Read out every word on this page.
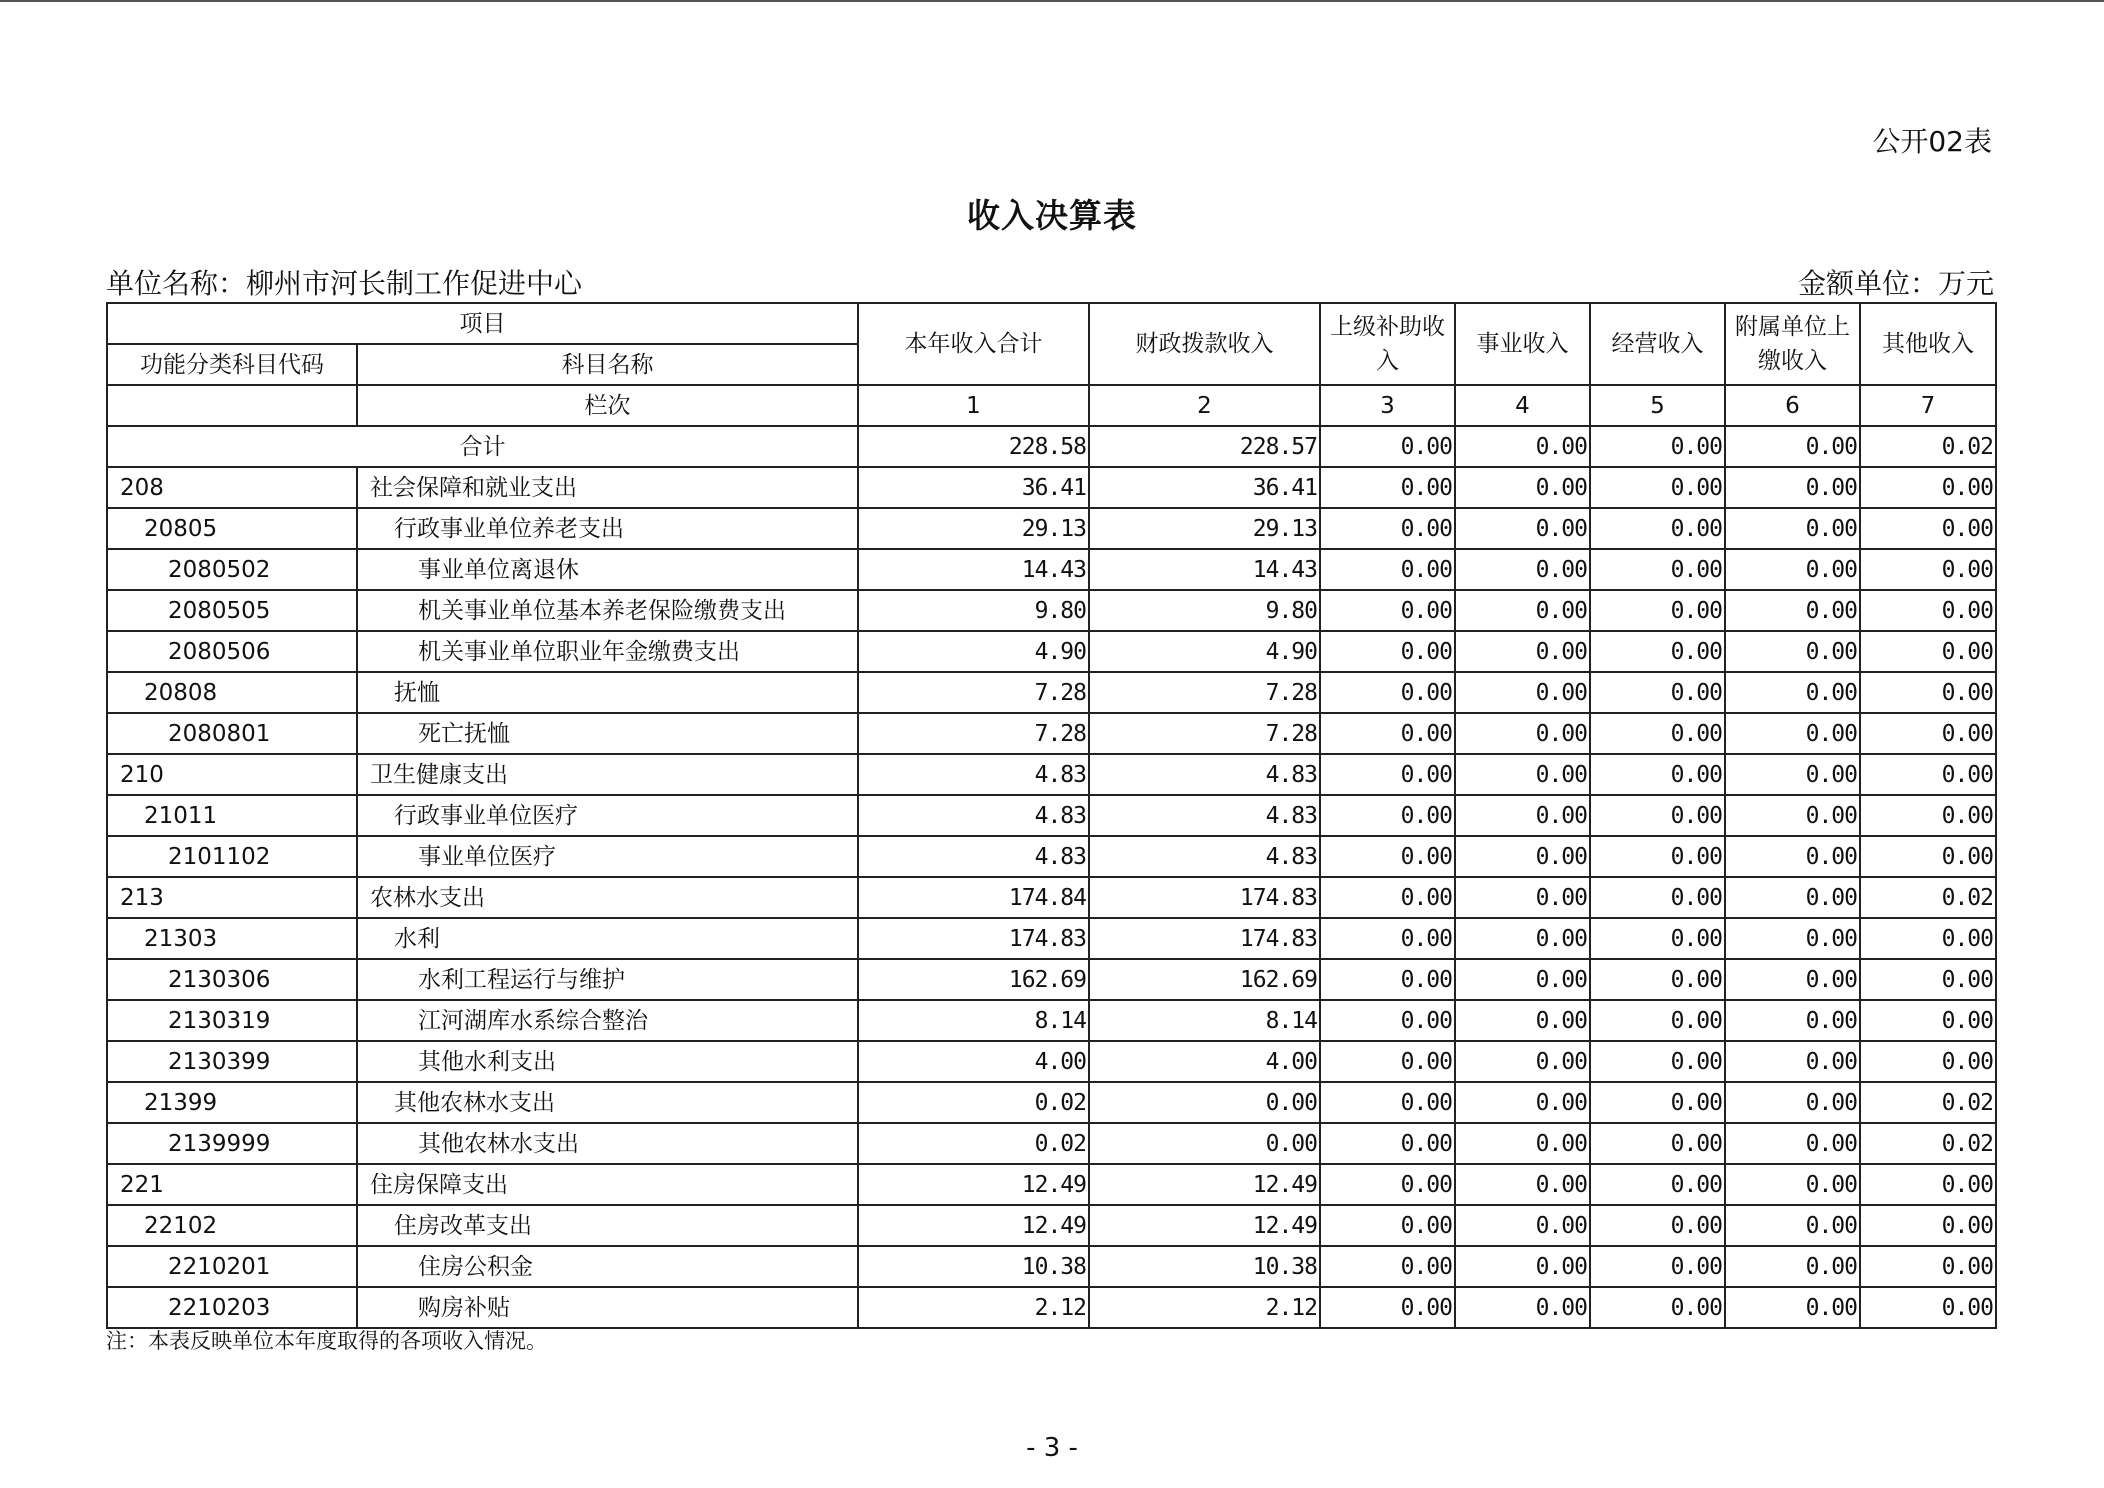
公开02表
收入决算表
单位名称：柳州市河长制工作促进中心	金额单位：万元
项目		本年收入合计	财政拨款收入	上级补助收入	事业收入	经营收入	附属单位上缴收入	其他收入
功能分类科目代码	科目名称							
	栏次	1	2	3	4	5	6	7
合计		228.58	228.57	0.00	0.00	0.00	0.00	0.02
208	社会保障和就业支出	36.41	36.41	0.00	0.00	0.00	0.00	0.00
20805	行政事业单位养老支出	29.13	29.13	0.00	0.00	0.00	0.00	0.00
2080502	事业单位离退休	14.43	14.43	0.00	0.00	0.00	0.00	0.00
2080505	机关事业单位基本养老保险缴费支出	9.80	9.80	0.00	0.00	0.00	0.00	0.00
2080506	机关事业单位职业年金缴费支出	4.90	4.90	0.00	0.00	0.00	0.00	0.00
20808	抚恤	7.28	7.28	0.00	0.00	0.00	0.00	0.00
2080801	死亡抚恤	7.28	7.28	0.00	0.00	0.00	0.00	0.00
210	卫生健康支出	4.83	4.83	0.00	0.00	0.00	0.00	0.00
21011	行政事业单位医疗	4.83	4.83	0.00	0.00	0.00	0.00	0.00
2101102	事业单位医疗	4.83	4.83	0.00	0.00	0.00	0.00	0.00
213	农林水支出	174.84	174.83	0.00	0.00	0.00	0.00	0.02
21303	水利	174.83	174.83	0.00	0.00	0.00	0.00	0.00
2130306	水利工程运行与维护	162.69	162.69	0.00	0.00	0.00	0.00	0.00
2130319	江河湖库水系综合整治	8.14	8.14	0.00	0.00	0.00	0.00	0.00
2130399	其他水利支出	4.00	4.00	0.00	0.00	0.00	0.00	0.00
21399	其他农林水支出	0.02	0.00	0.00	0.00	0.00	0.00	0.02
2139999	其他农林水支出	0.02	0.00	0.00	0.00	0.00	0.00	0.02
221	住房保障支出	12.49	12.49	0.00	0.00	0.00	0.00	0.00
22102	住房改革支出	12.49	12.49	0.00	0.00	0.00	0.00	0.00
2210201	住房公积金	10.38	10.38	0.00	0.00	0.00	0.00	0.00
2210203	购房补贴	2.12	2.12	0.00	0.00	0.00	0.00	0.00
注：本表反映单位本年度取得的各项收入情况。
- 3 -
